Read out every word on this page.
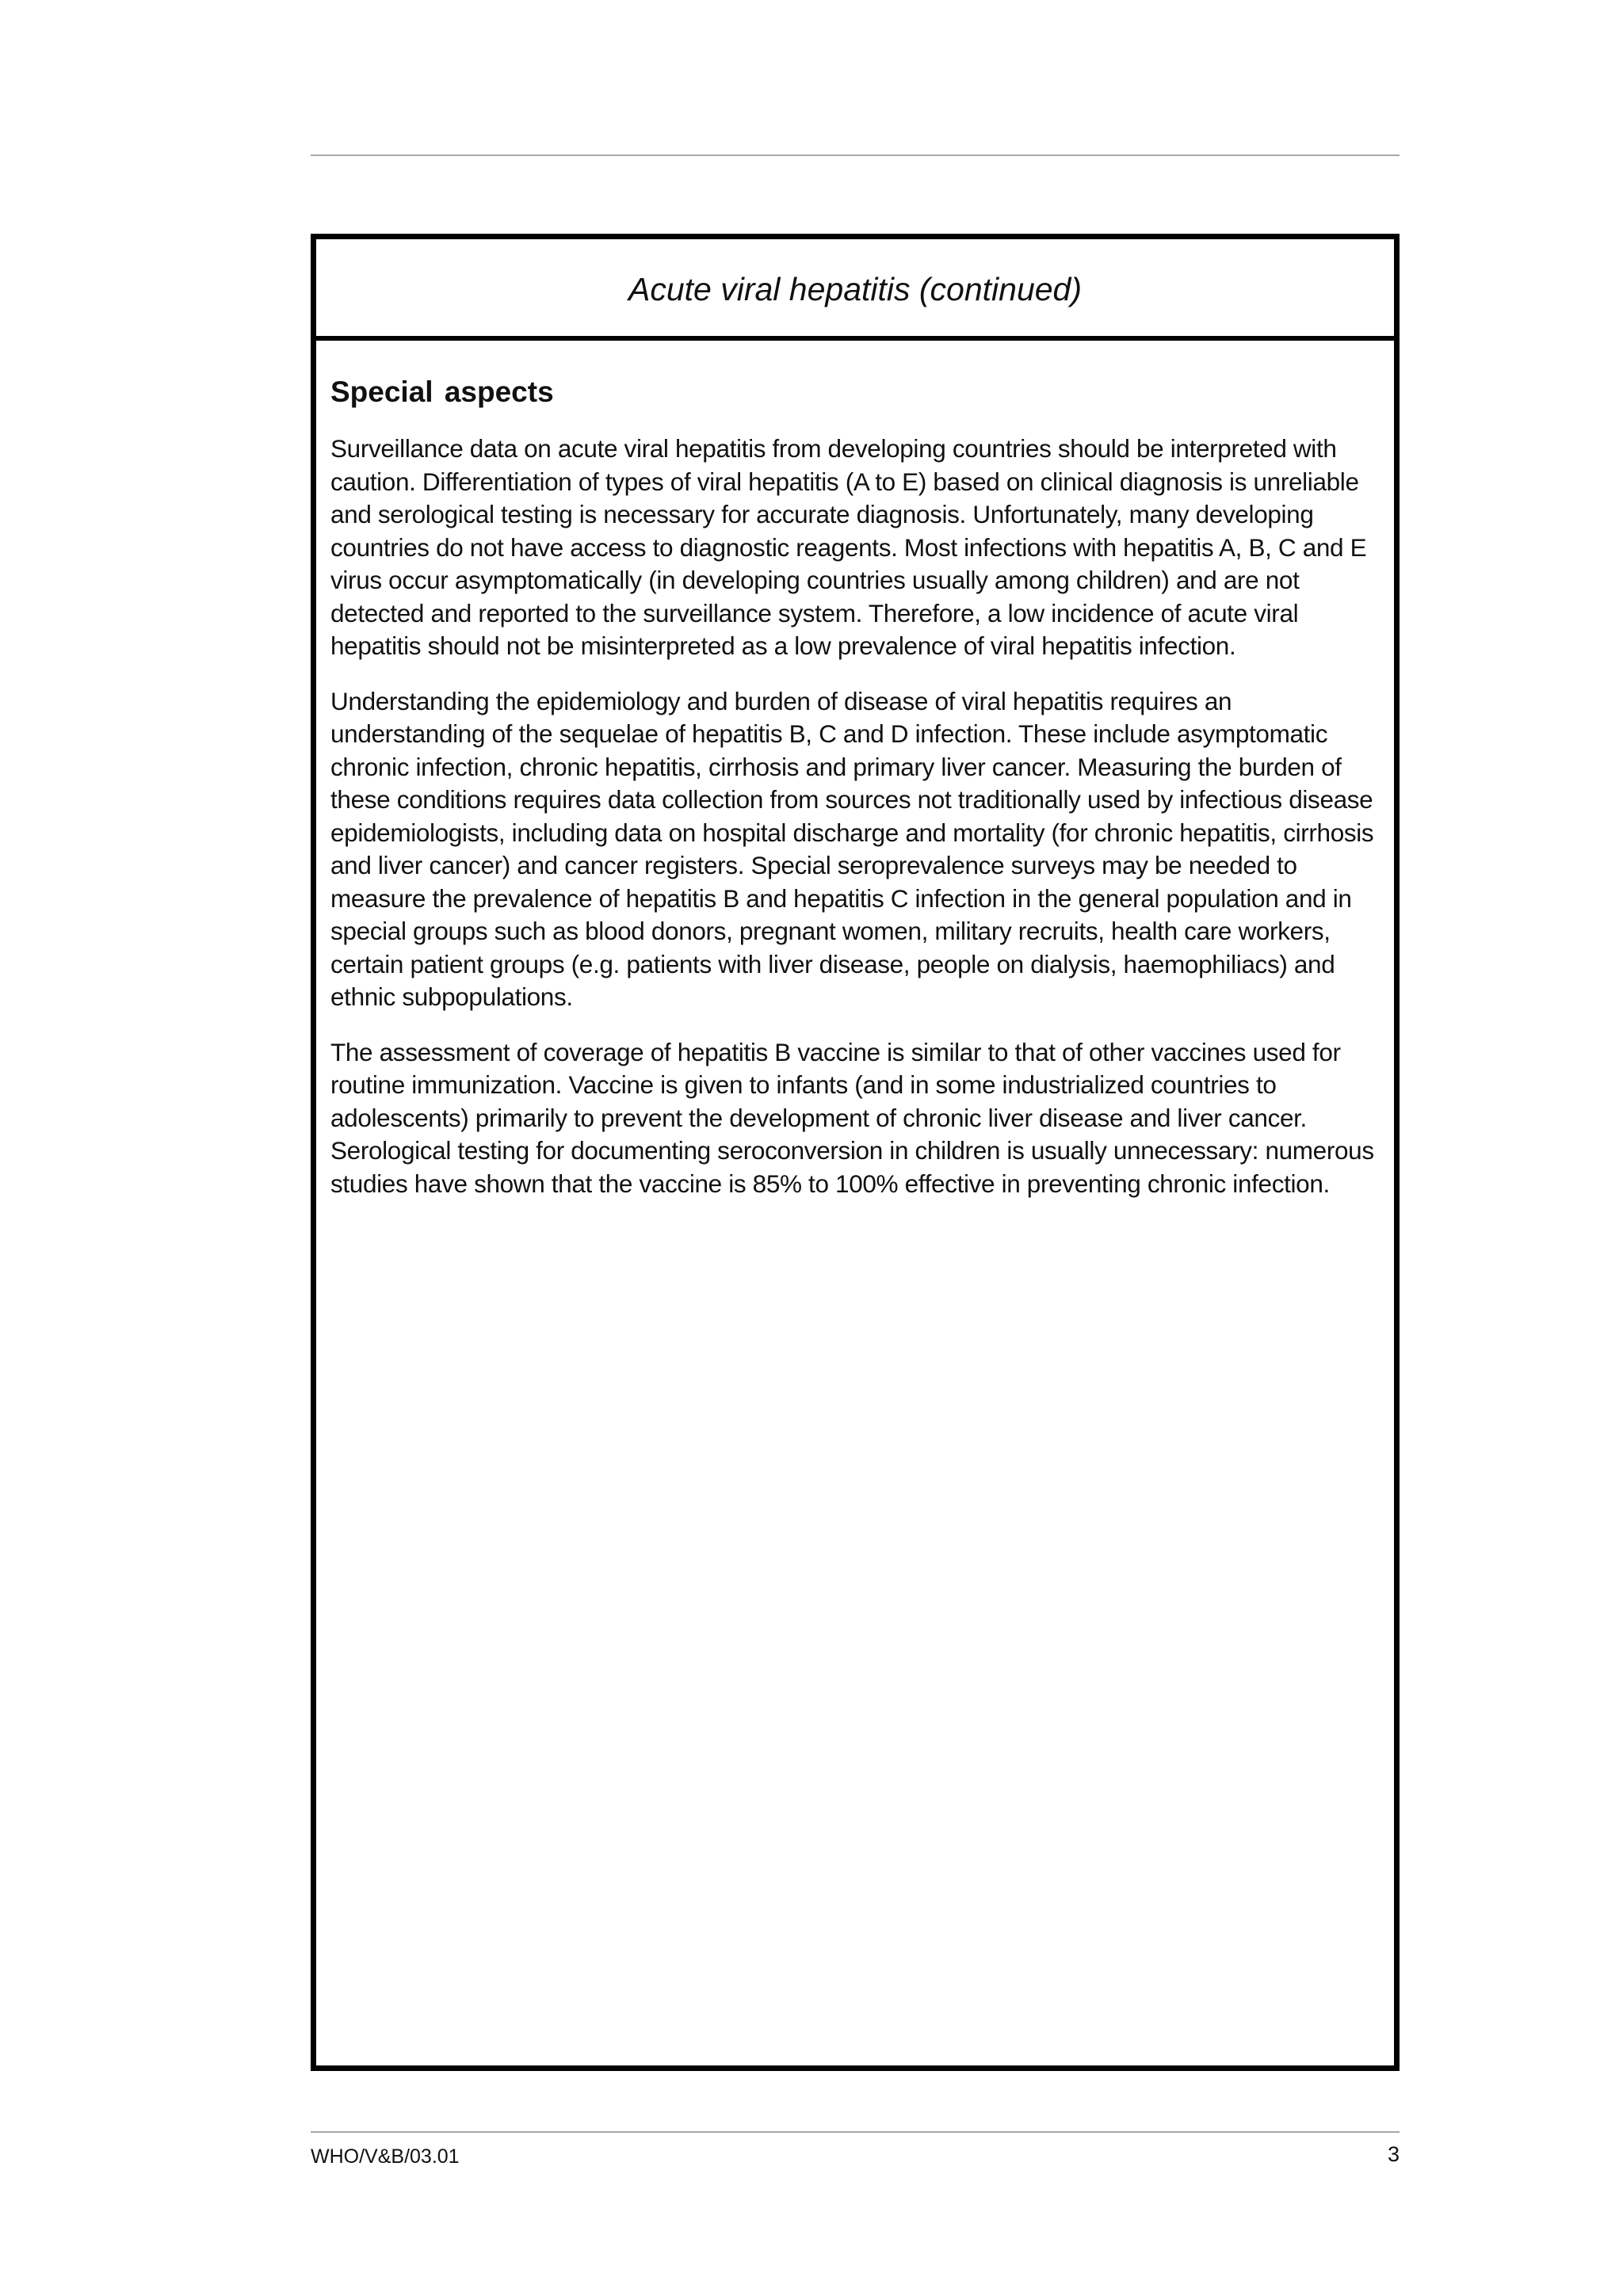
Acute viral hepatitis (continued)
Special aspects

Surveillance data on acute viral hepatitis from developing countries should be interpreted with caution. Differentiation of types of viral hepatitis (A to E) based on clinical diagnosis is unreliable and serological testing is necessary for accurate diagnosis. Unfortunately, many developing countries do not have access to diagnostic reagents. Most infections with hepatitis A, B, C and E virus occur asymptomatically (in developing countries usually among children) and are not detected and reported to the surveillance system. Therefore, a low incidence of acute viral hepatitis should not be misinterpreted as a low prevalence of viral hepatitis infection.

Understanding the epidemiology and burden of disease of viral hepatitis requires an understanding of the sequelae of hepatitis B, C and D infection. These include asymptomatic chronic infection, chronic hepatitis, cirrhosis and primary liver cancer. Measuring the burden of these conditions requires data collection from sources not traditionally used by infectious disease epidemiologists, including data on hospital discharge and mortality (for chronic hepatitis, cirrhosis and liver cancer) and cancer registers. Special seroprevalence surveys may be needed to measure the prevalence of hepatitis B and hepatitis C infection in the general population and in special groups such as blood donors, pregnant women, military recruits, health care workers, certain patient groups (e.g. patients with liver disease, people on dialysis, haemophiliacs) and ethnic subpopulations.

The assessment of coverage of hepatitis B vaccine is similar to that of other vaccines used for routine immunization. Vaccine is given to infants (and in some industrialized countries to adolescents) primarily to prevent the development of chronic liver disease and liver cancer. Serological testing for documenting seroconversion in children is usually unnecessary: numerous studies have shown that the vaccine is 85% to 100% effective in preventing chronic infection.

WHO/V&B/03.01	3
